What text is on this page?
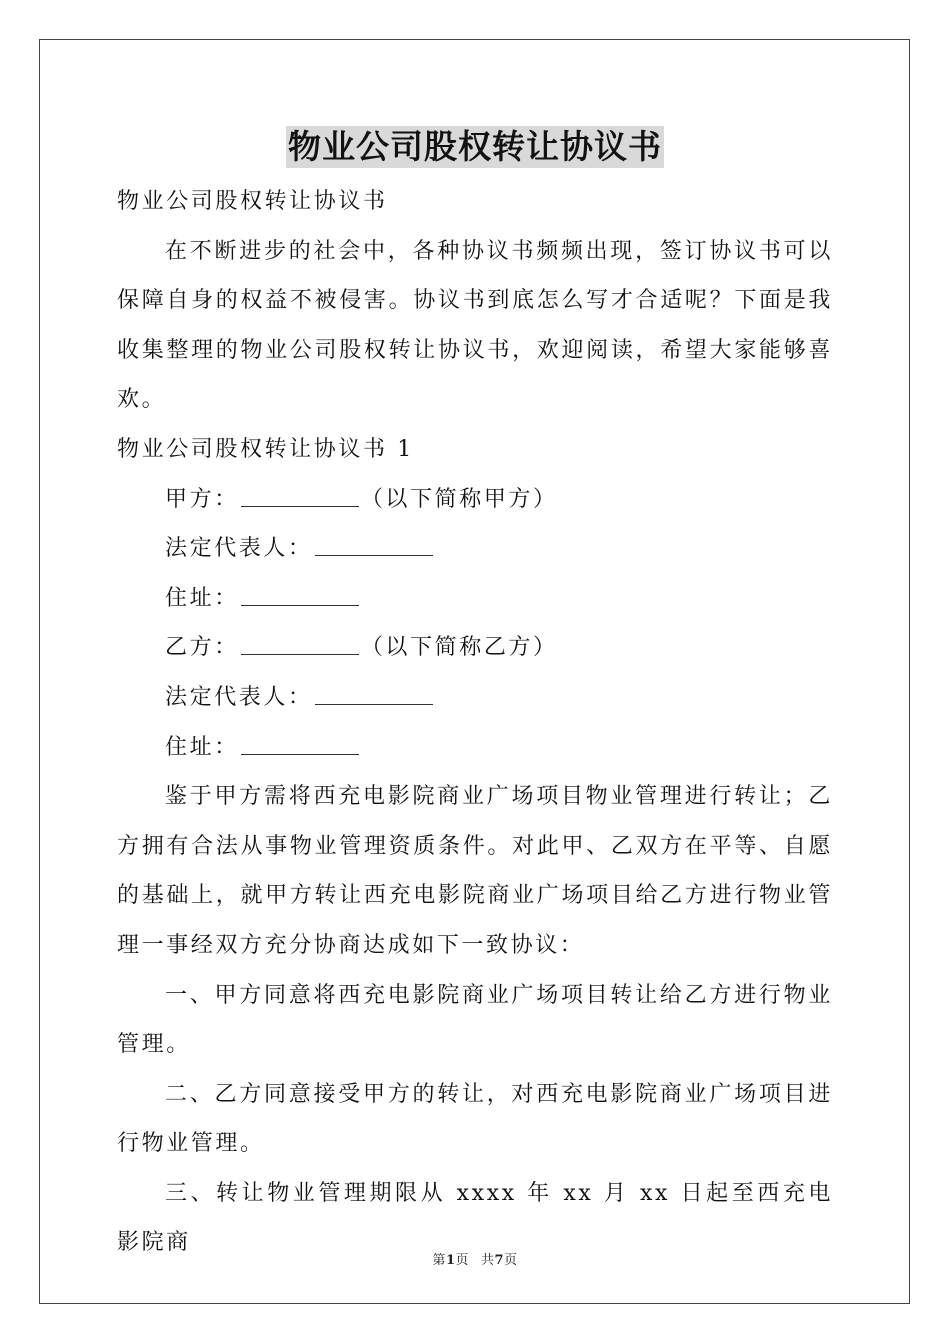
物业公司股权转让协议书

物业公司股权转让协议书

在不断进步的社会中，各种协议书频频出现，签订协议书可以保障自身的权益不被侵害。协议书到底怎么写才合适呢？下面是我收集整理的物业公司股权转让协议书，欢迎阅读，希望大家能够喜欢。

物业公司股权转让协议书 1

甲方：	（以下简称甲方）

法定代表人：

住址：

乙方：	（以下简称乙方）

法定代表人：

住址：

鉴于甲方需将西充电影院商业广场项目物业管理进行转让；乙方拥有合法从事物业管理资质条件。对此甲、乙双方在平等、自愿的基础上，就甲方转让西充电影院商业广场项目给乙方进行物业管理一事经双方充分协商达成如下一致协议：

一、甲方同意将西充电影院商业广场项目转让给乙方进行物业管理。

二、乙方同意接受甲方的转让，对西充电影院商业广场项目进行物业管理。

三、转让物业管理期限从 xxxx 年 xx 月 xx 日起至西充电影院商

第1页 共7页
